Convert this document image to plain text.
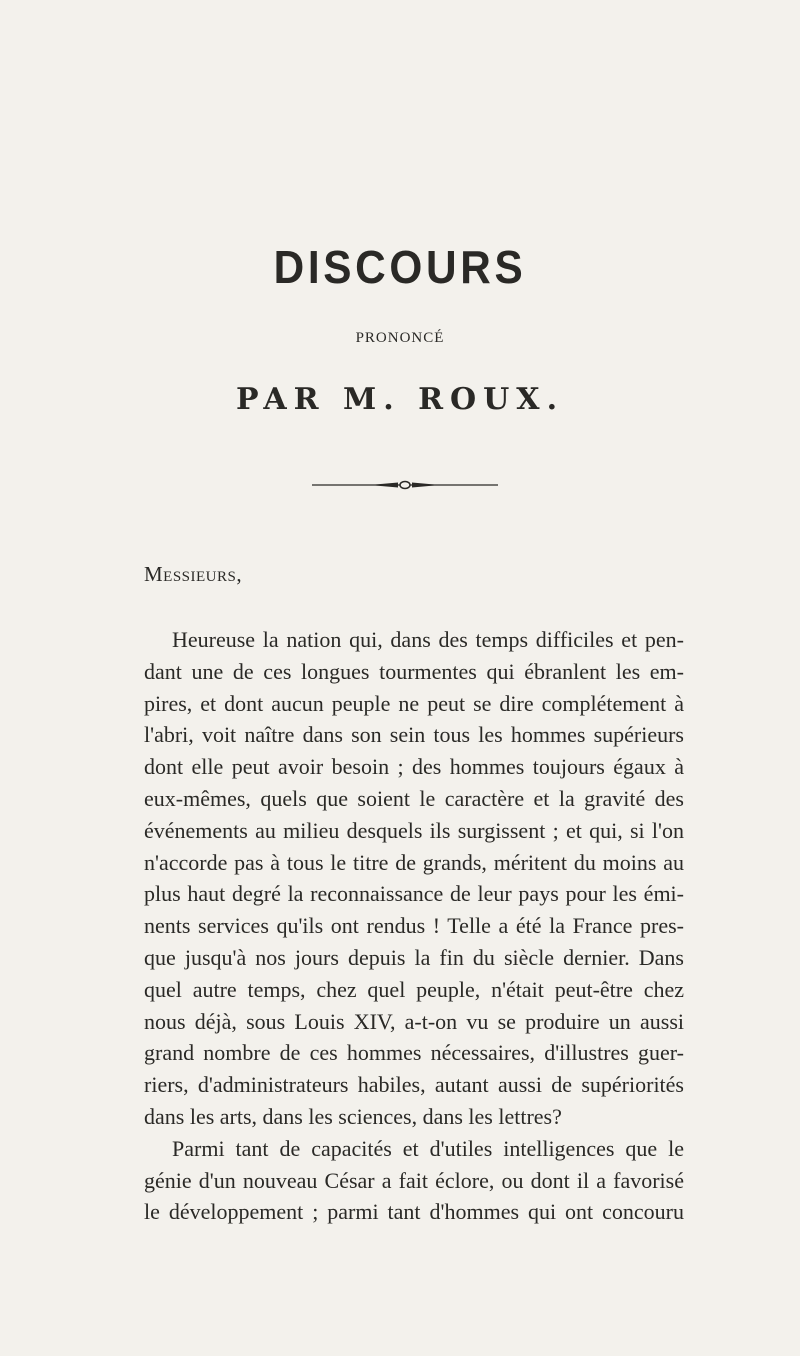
DISCOURS
PRONONCÉ
PAR M. ROUX.
Messieurs,
Heureuse la nation qui, dans des temps difficiles et pen-
dant une de ces longues tourmentes qui ébranlent les em-
pires, et dont aucun peuple ne peut se dire complétement à
l'abri, voit naître dans son sein tous les hommes supérieurs
dont elle peut avoir besoin ; des hommes toujours égaux à
eux-mêmes, quels que soient le caractère et la gravité des
événements au milieu desquels ils surgissent ; et qui, si l'on
n'accorde pas à tous le titre de grands, méritent du moins au
plus haut degré la reconnaissance de leur pays pour les émi-
nents services qu'ils ont rendus ! Telle a été la France pres-
que jusqu'à nos jours depuis la fin du siècle dernier. Dans
quel autre temps, chez quel peuple, n'était peut-être chez
nous déjà, sous Louis XIV, a-t-on vu se produire un aussi
grand nombre de ces hommes nécessaires, d'illustres guer-
riers, d'administrateurs habiles, autant aussi de supériorités
dans les arts, dans les sciences, dans les lettres?
Parmi tant de capacités et d'utiles intelligences que le
génie d'un nouveau César a fait éclore, ou dont il a favorisé
le développement ; parmi tant d'hommes qui ont concouru
